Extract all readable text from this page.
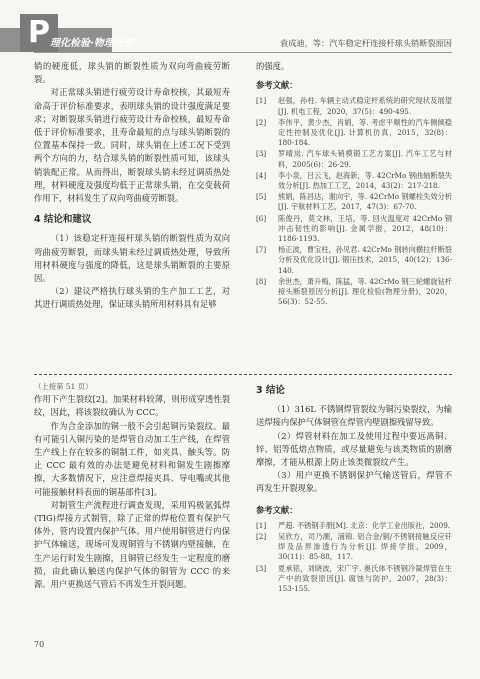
P 理化检验·物理分册	袁成迪，等：汽车稳定杆连接杆球头销断裂原因

销的硬度低，球头销的断裂性质为双向弯曲疲劳断裂。

对正常球头销进行疲劳设计寿命校核，其最短寿命高于评价标准要求，表明球头销的设计强度满足要求；对断裂球头销进行疲劳设计寿命校核，最短寿命低于评价标准要求，且寿命最短的点与球头销断裂的位置基本保持一致。同时，球头销在上述工况下受到两个方向的力，结合球头销的断裂性质可知，该球头销装配正常。从而得出，断裂球头销未经过调质热处理，材料硬度及强度均低于正常球头销，在交变载荷作用下，材料发生了双向弯曲疲劳断裂。

4 结论和建议

（1）该稳定杆连接杆球头销的断裂性质为双向弯曲疲劳断裂，而球头销未经过调质热处理，导致所用材料硬度与强度的降低，这是球头销断裂的主要原因。

（2）建议严格执行球头销的生产加工工艺，对其进行调质热处理，保证球头销所用材料具有足够

的强度。

参考文献：
[1]	赵强，孙柱. 车辆主动式稳定杆系统的研究现状及展望[J]. 机电工程，2020，37(5)：490-495.
[2]	李伟平，黄少杰，肖娟，等. 考虑平顺性的汽车侧倾稳定性控制及优化[J]. 计算机仿真，2015，32(8)：180-184.
[3]	罗晴岚. 汽车球头销模锻工艺方案[J]. 汽车工艺与材料，2005(6)：26-29.
[4]	李小泉，吕云飞，赵海新，等. 42CrMo 钢曲轴断裂失效分析[J]. 热加工工艺，2014，43(2)：217-218.
[5]	熊娟，陈昌达，谢向宇，等. 42CrMo 钢螺栓失效分析[J]. 宇航材料工艺，2017，47(3)：67-70.
[6]	陈俊丹，莫文林，王培，等. 回火温度对 42CrMo 钢冲击韧性的影响[J]. 金属学报，2012，48(10)：1186-1193.
[7]	杨正波，曹宝柱，孙见君. 42CrMo 钢转向横拉杆断裂分析及优化设计[J]. 锻压技术，2015，40(12)：136-140.
[8]	余世杰，萧升梅，陈猛，等. 42CrMo 钢三轮螺旋钻杆接头断裂原因分析[J]. 理化检验(物理分册)，2020，56(3)：52-55.

（上接第 51 页）

作用下产生裂纹[2]。加果材料较薄，则形成穿透性裂纹，因此，将该裂纹确认为 CCC。

作为合金添加的铜一般不会引起铜污染裂纹。最有可能引入铜污染的是焊管自动加工生产线，在焊管生产线上存在较多的铜制工件，如夹具、触头等。防止 CCC 最有效的办法是避免材料和铜发生剧擦摩擦，大多数情况下，应注意焊接夹具、导电嘴或其他可能接触材料表面的铜基部件[3]。

对制管生产流程进行调查发现，采用钨极氩弧焊(TIG)焊接方式制管，除了正常的焊枪位置有保护气体外，管内设置内保护气体。用户使用铜管进行内保护气体输送，现场可发现铜管与不锈钢内壁接触，在生产运行时发生剧擦，且铜管已经发生一定程度的磨损，由此确认触送内保护气体的铜管为 CCC 的来源。用户更换送气管后不再发生开裂问题。

3 结论

（1）316L 不锈钢焊管裂纹为铜污染裂纹，为输送焊接内保护气体铜管在焊管内壁剧擦残留导致。

（2）焊管材料在加工及使用过程中要远离铜、锌、铝等低熔点物质，或尽量避免与该类物质的剧磨摩擦，才能从根源上防止该类微裂纹产生。

（3）用户更换不锈钢保护气输送管后，焊管不再发生开裂现象。

参考文献：
[1]	严超. 不锈钢手册[M]. 北京：化学工业出版社，2009.
[2]	吴欣方，司乃潮，浦锦. 铝合金/铜/不锈钢接触反应钎焊及品界渗透行为分析[J]. 焊接学报，2009，30(11)：85-88，117.
[3]	夏承铭，刘晓波，宋广宇. 奥氏体不锈钢冷凝焊管在生产中的致裂原因[J]. 腐蚀与防护，2007，28(3)：153-155.
70
